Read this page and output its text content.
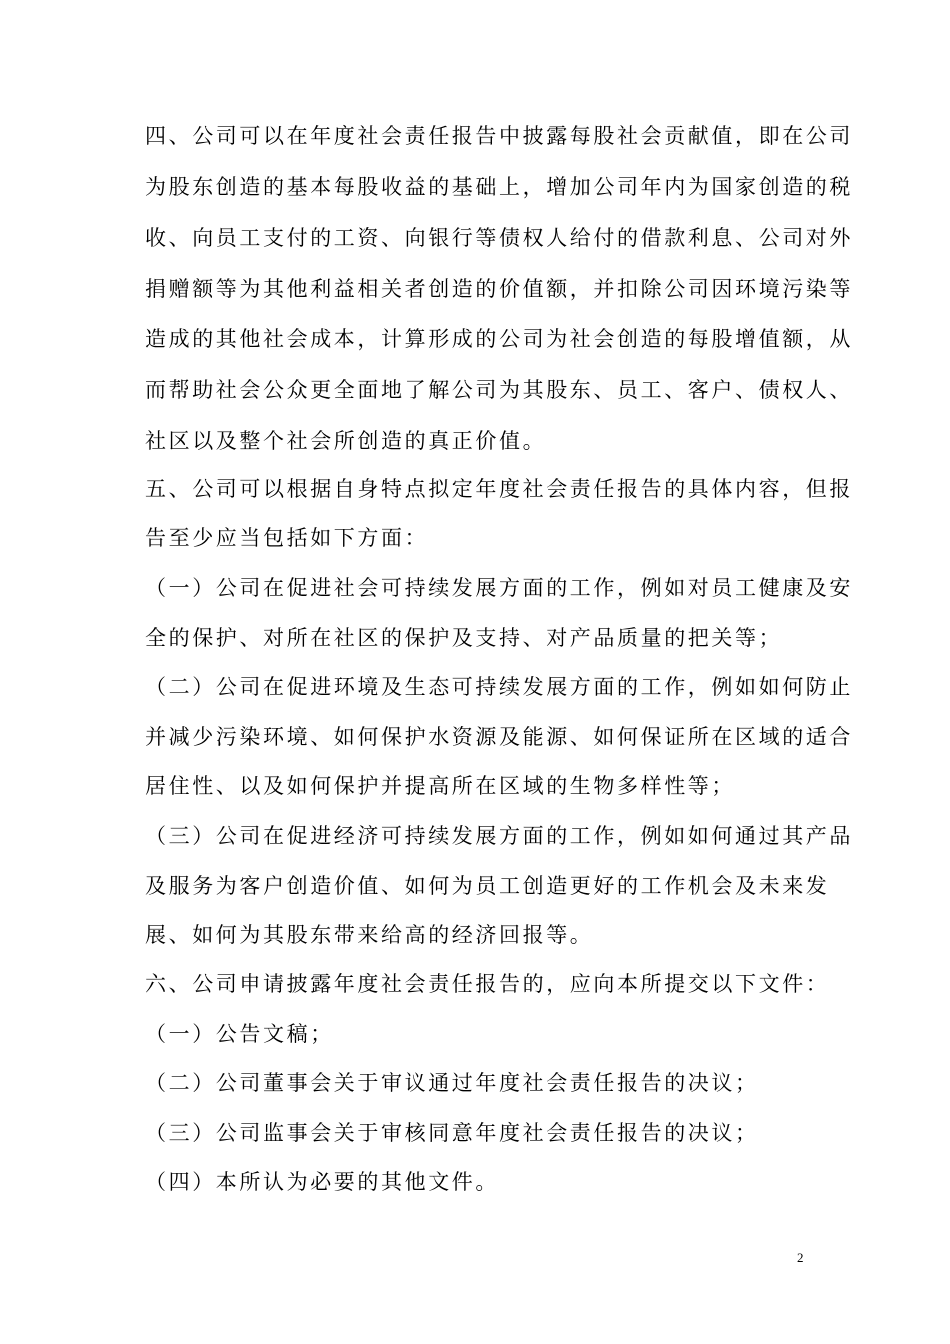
四、公司可以在年度社会责任报告中披露每股社会贡献值，即在公司
为股东创造的基本每股收益的基础上，增加公司年内为国家创造的税
收、向员工支付的工资、向银行等债权人给付的借款利息、公司对外
捐赠额等为其他利益相关者创造的价值额，并扣除公司因环境污染等
造成的其他社会成本，计算形成的公司为社会创造的每股增值额，从
而帮助社会公众更全面地了解公司为其股东、员工、客户、债权人、
社区以及整个社会所创造的真正价值。
五、公司可以根据自身特点拟定年度社会责任报告的具体内容，但报
告至少应当包括如下方面：
（一）公司在促进社会可持续发展方面的工作，例如对员工健康及安
全的保护、对所在社区的保护及支持、对产品质量的把关等；
（二）公司在促进环境及生态可持续发展方面的工作，例如如何防止
并减少污染环境、如何保护水资源及能源、如何保证所在区域的适合
居住性、以及如何保护并提高所在区域的生物多样性等；
（三）公司在促进经济可持续发展方面的工作，例如如何通过其产品
及服务为客户创造价值、如何为员工创造更好的工作机会及未来发
展、如何为其股东带来给高的经济回报等。
六、公司申请披露年度社会责任报告的，应向本所提交以下文件：
（一）公告文稿；
（二）公司董事会关于审议通过年度社会责任报告的决议；
（三）公司监事会关于审核同意年度社会责任报告的决议；
（四）本所认为必要的其他文件。
2
